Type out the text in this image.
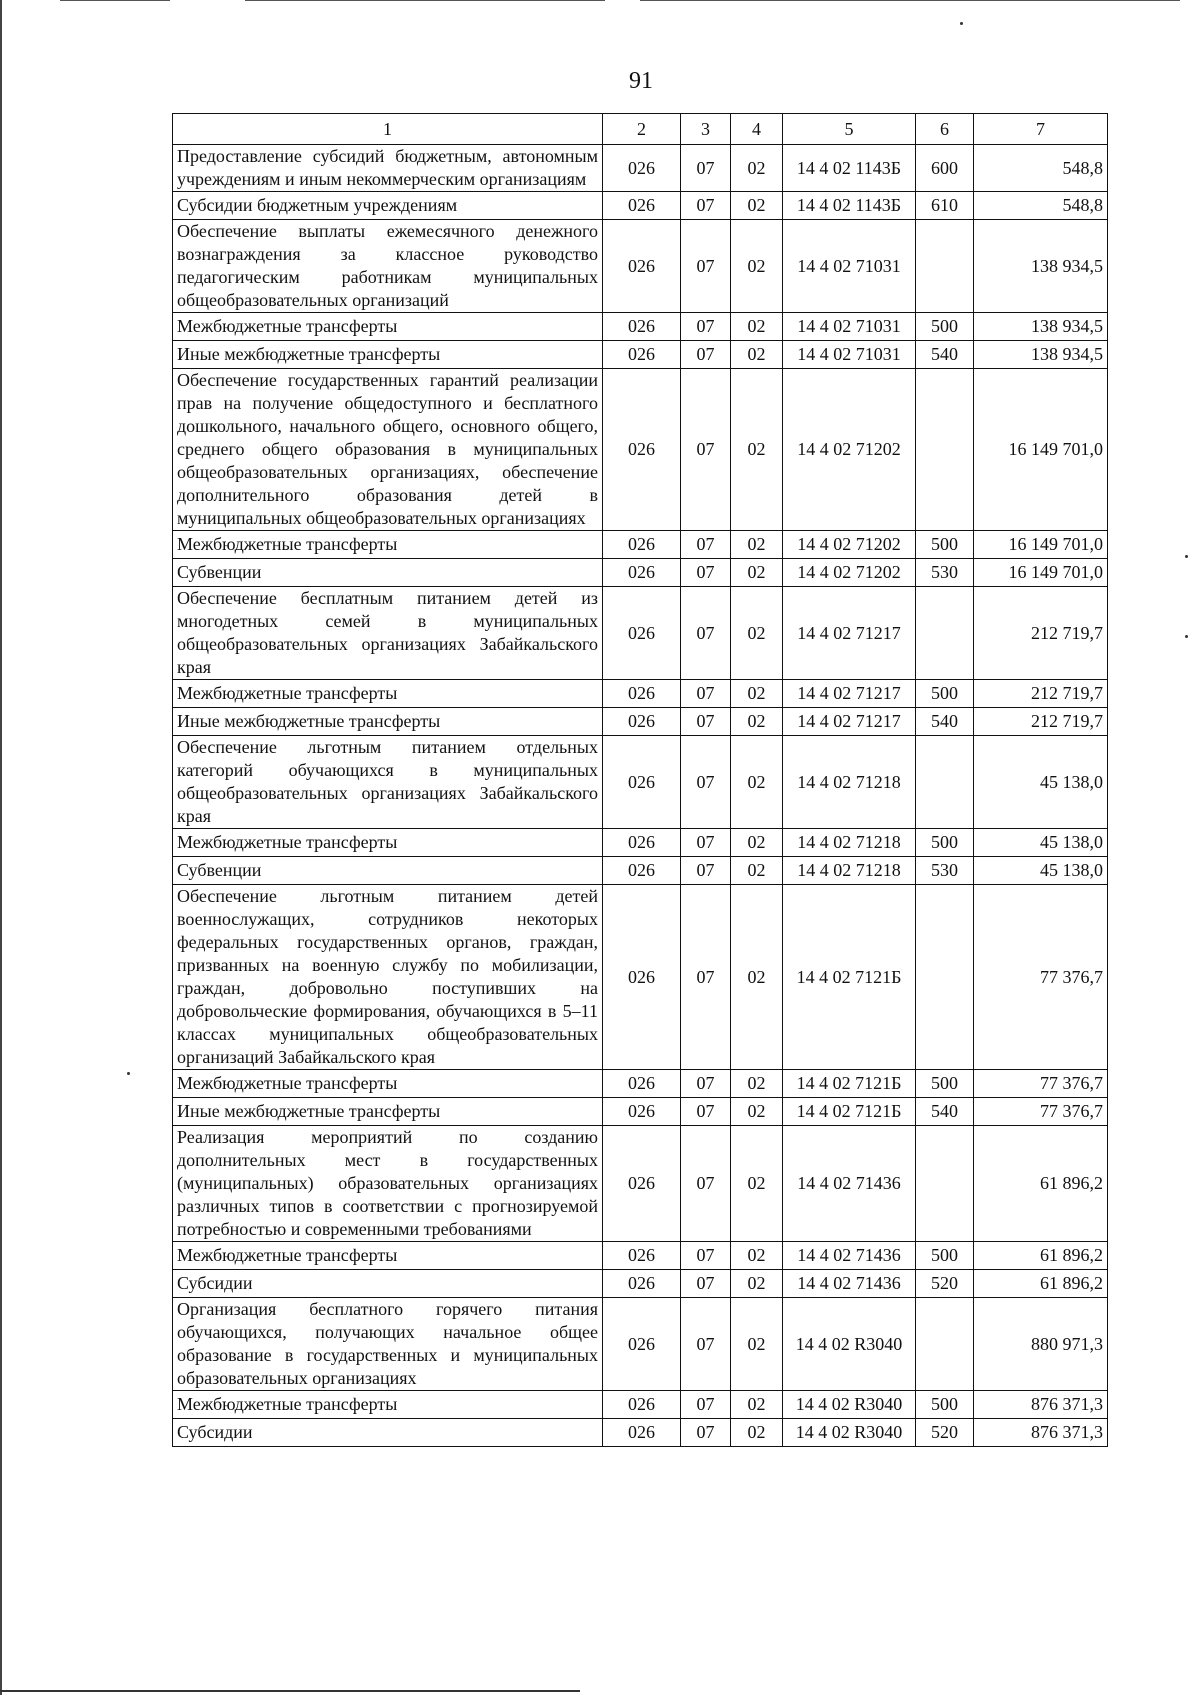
91
1	2	3	4	5	6	7
Предоставление субсидий бюджетным, автономным учреждениям и иным некоммерческим организациям	026	07	02	14 4 02 1143Б	600	548,8
Субсидии бюджетным учреждениям	026	07	02	14 4 02 1143Б	610	548,8
Обеспечение выплаты ежемесячного денежного вознаграждения за классное руководство педагогическим работникам муниципальных общеобразовательных организаций	026	07	02	14 4 02 71031		138 934,5
Межбюджетные трансферты	026	07	02	14 4 02 71031	500	138 934,5
Иные межбюджетные трансферты	026	07	02	14 4 02 71031	540	138 934,5
Обеспечение государственных гарантий реализации прав на получение общедоступного и бесплатного дошкольного, начального общего, основного общего, среднего общего образования в муниципальных общеобразовательных организациях, обеспечение дополнительного образования детей в муниципальных общеобразовательных организациях	026	07	02	14 4 02 71202		16 149 701,0
Межбюджетные трансферты	026	07	02	14 4 02 71202	500	16 149 701,0
Субвенции	026	07	02	14 4 02 71202	530	16 149 701,0
Обеспечение бесплатным питанием детей из многодетных семей в муниципальных общеобразовательных организациях Забайкальского края	026	07	02	14 4 02 71217		212 719,7
Межбюджетные трансферты	026	07	02	14 4 02 71217	500	212 719,7
Иные межбюджетные трансферты	026	07	02	14 4 02 71217	540	212 719,7
Обеспечение льготным питанием отдельных категорий обучающихся в муниципальных общеобразовательных организациях Забайкальского края	026	07	02	14 4 02 71218		45 138,0
Межбюджетные трансферты	026	07	02	14 4 02 71218	500	45 138,0
Субвенции	026	07	02	14 4 02 71218	530	45 138,0
Обеспечение льготным питанием детей военнослужащих, сотрудников некоторых федеральных государственных органов, граждан, призванных на военную службу по мобилизации, граждан, добровольно поступивших на добровольческие формирования, обучающихся в 5–11 классах муниципальных общеобразовательных организаций Забайкальского края	026	07	02	14 4 02 7121Б		77 376,7
Межбюджетные трансферты	026	07	02	14 4 02 7121Б	500	77 376,7
Иные межбюджетные трансферты	026	07	02	14 4 02 7121Б	540	77 376,7
Реализация мероприятий по созданию дополнительных мест в государственных (муниципальных) образовательных организациях различных типов в соответствии с прогнозируемой потребностью и современными требованиями	026	07	02	14 4 02 71436		61 896,2
Межбюджетные трансферты	026	07	02	14 4 02 71436	500	61 896,2
Субсидии	026	07	02	14 4 02 71436	520	61 896,2
Организация бесплатного горячего питания обучающихся, получающих начальное общее образование в государственных и муниципальных образовательных организациях	026	07	02	14 4 02 R3040		880 971,3
Межбюджетные трансферты	026	07	02	14 4 02 R3040	500	876 371,3
Субсидии	026	07	02	14 4 02 R3040	520	876 371,3
